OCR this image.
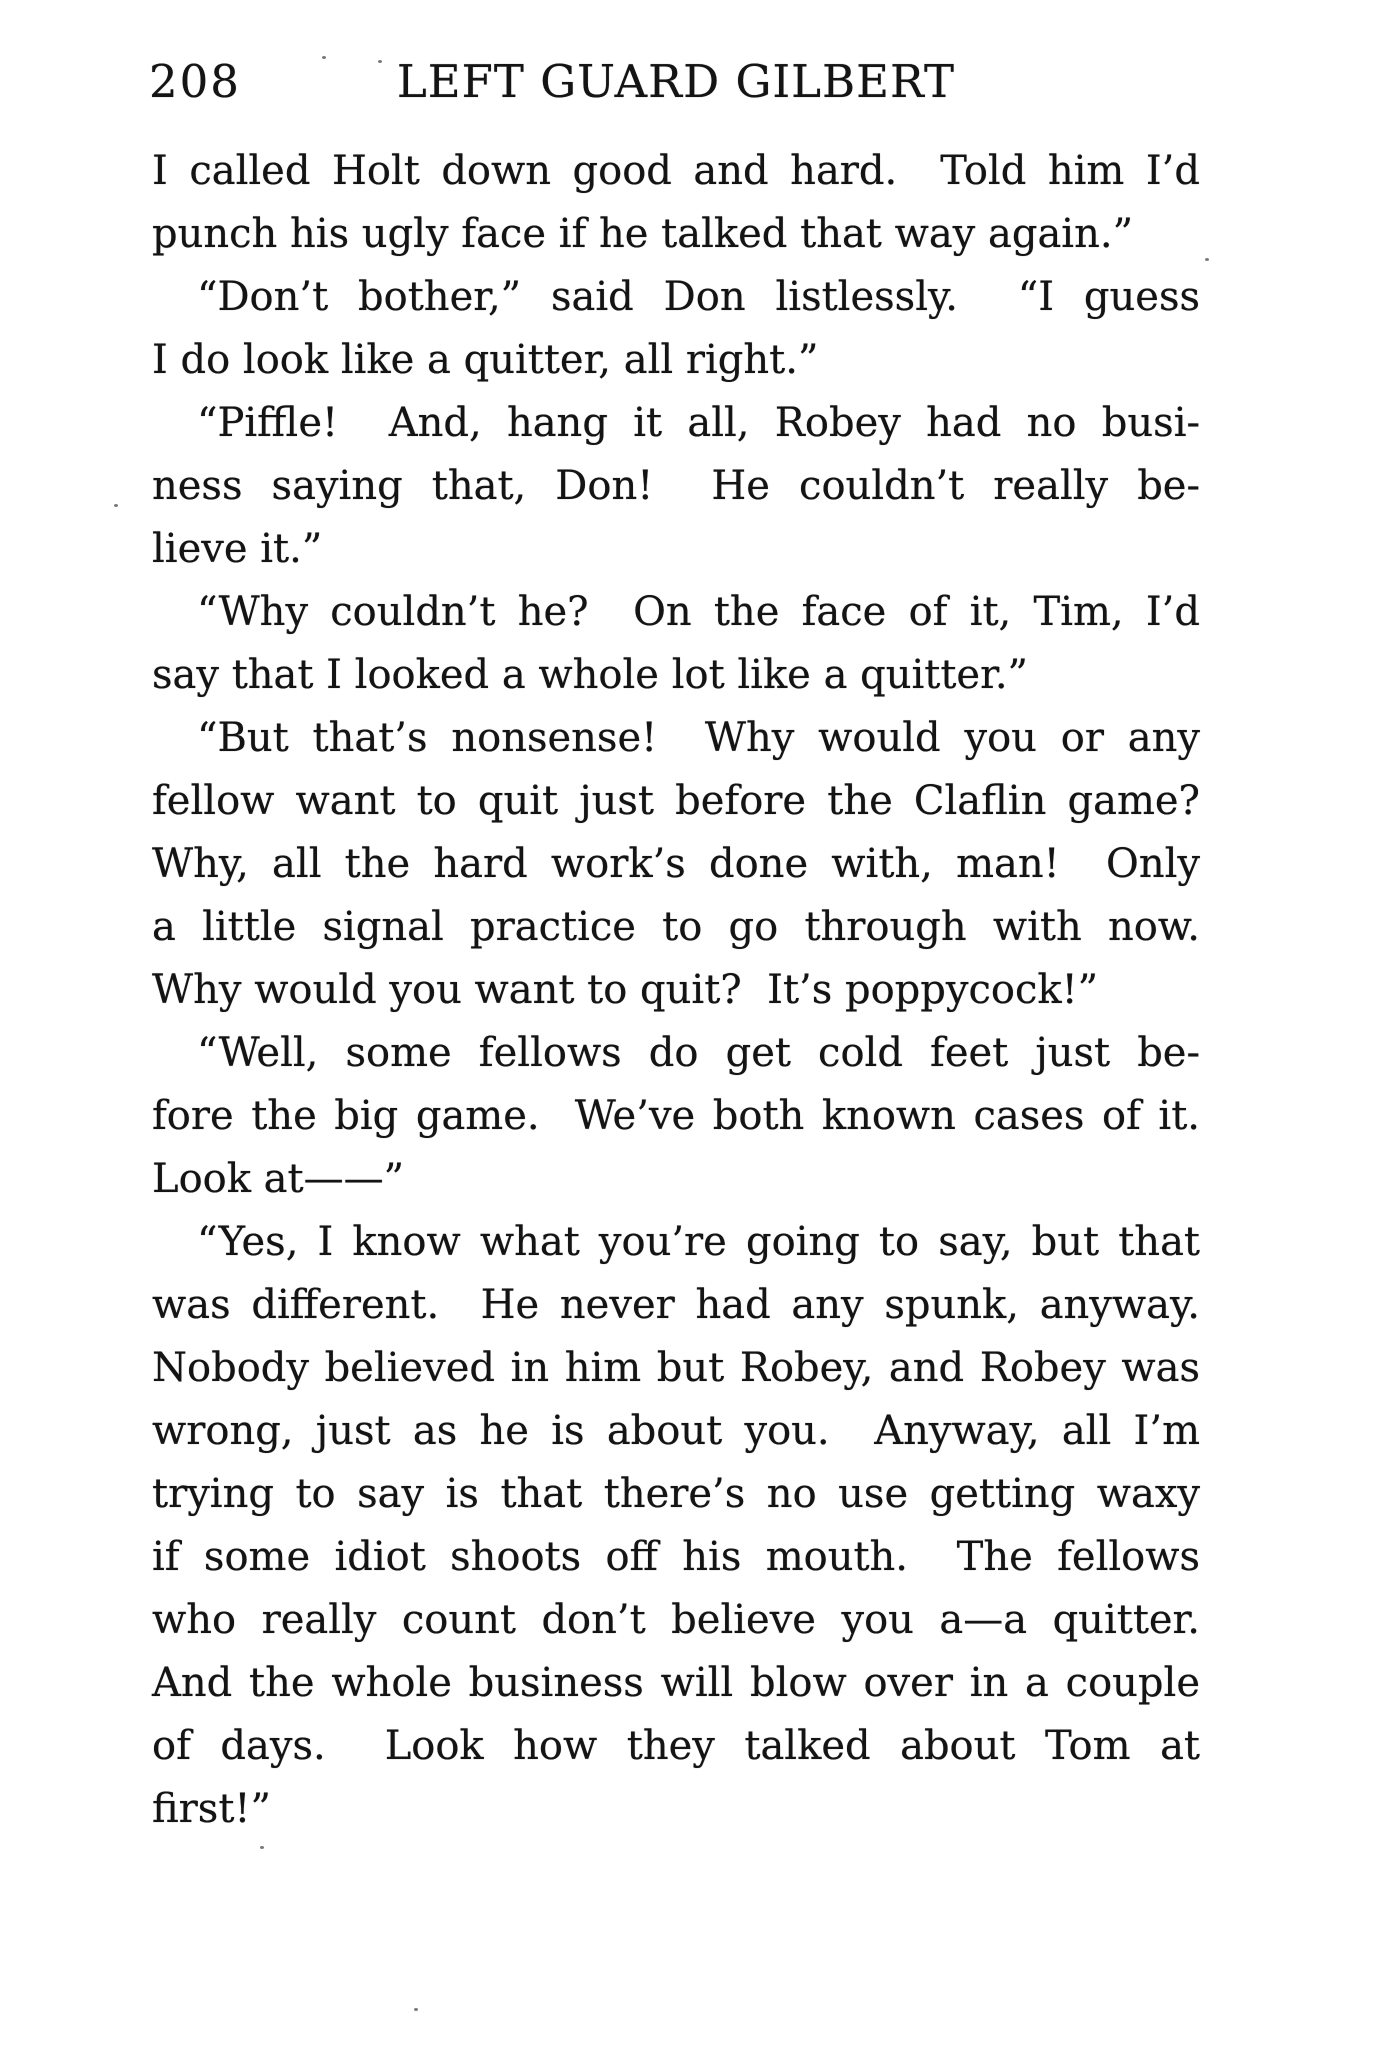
208	LEFT GUARD GILBERT
I called Holt down good and hard.  Told him I’d
punch his ugly face if he talked that way again.”
“Don’t bother,” said Don listlessly.  “I guess
I do look like a quitter, all right.”
“Piffle!  And, hang it all, Robey had no busi-
ness saying that, Don!  He couldn’t really be-
lieve it.”
“Why couldn’t he?  On the face of it, Tim, I’d
say that I looked a whole lot like a quitter.”
“But that’s nonsense!  Why would you or any
fellow want to quit just before the Claflin game?
Why, all the hard work’s done with, man!  Only
a little signal practice to go through with now.
Why would you want to quit?  It’s poppycock!”
“Well, some fellows do get cold feet just be-
fore the big game.  We’ve both known cases of it.
Look at——”
“Yes, I know what you’re going to say, but that
was different.  He never had any spunk, anyway.
Nobody believed in him but Robey, and Robey was
wrong, just as he is about you.  Anyway, all I’m
trying to say is that there’s no use getting waxy
if some idiot shoots off his mouth.  The fellows
who really count don’t believe you a—a quitter.
And the whole business will blow over in a couple
of days.  Look how they talked about Tom at
first!”
